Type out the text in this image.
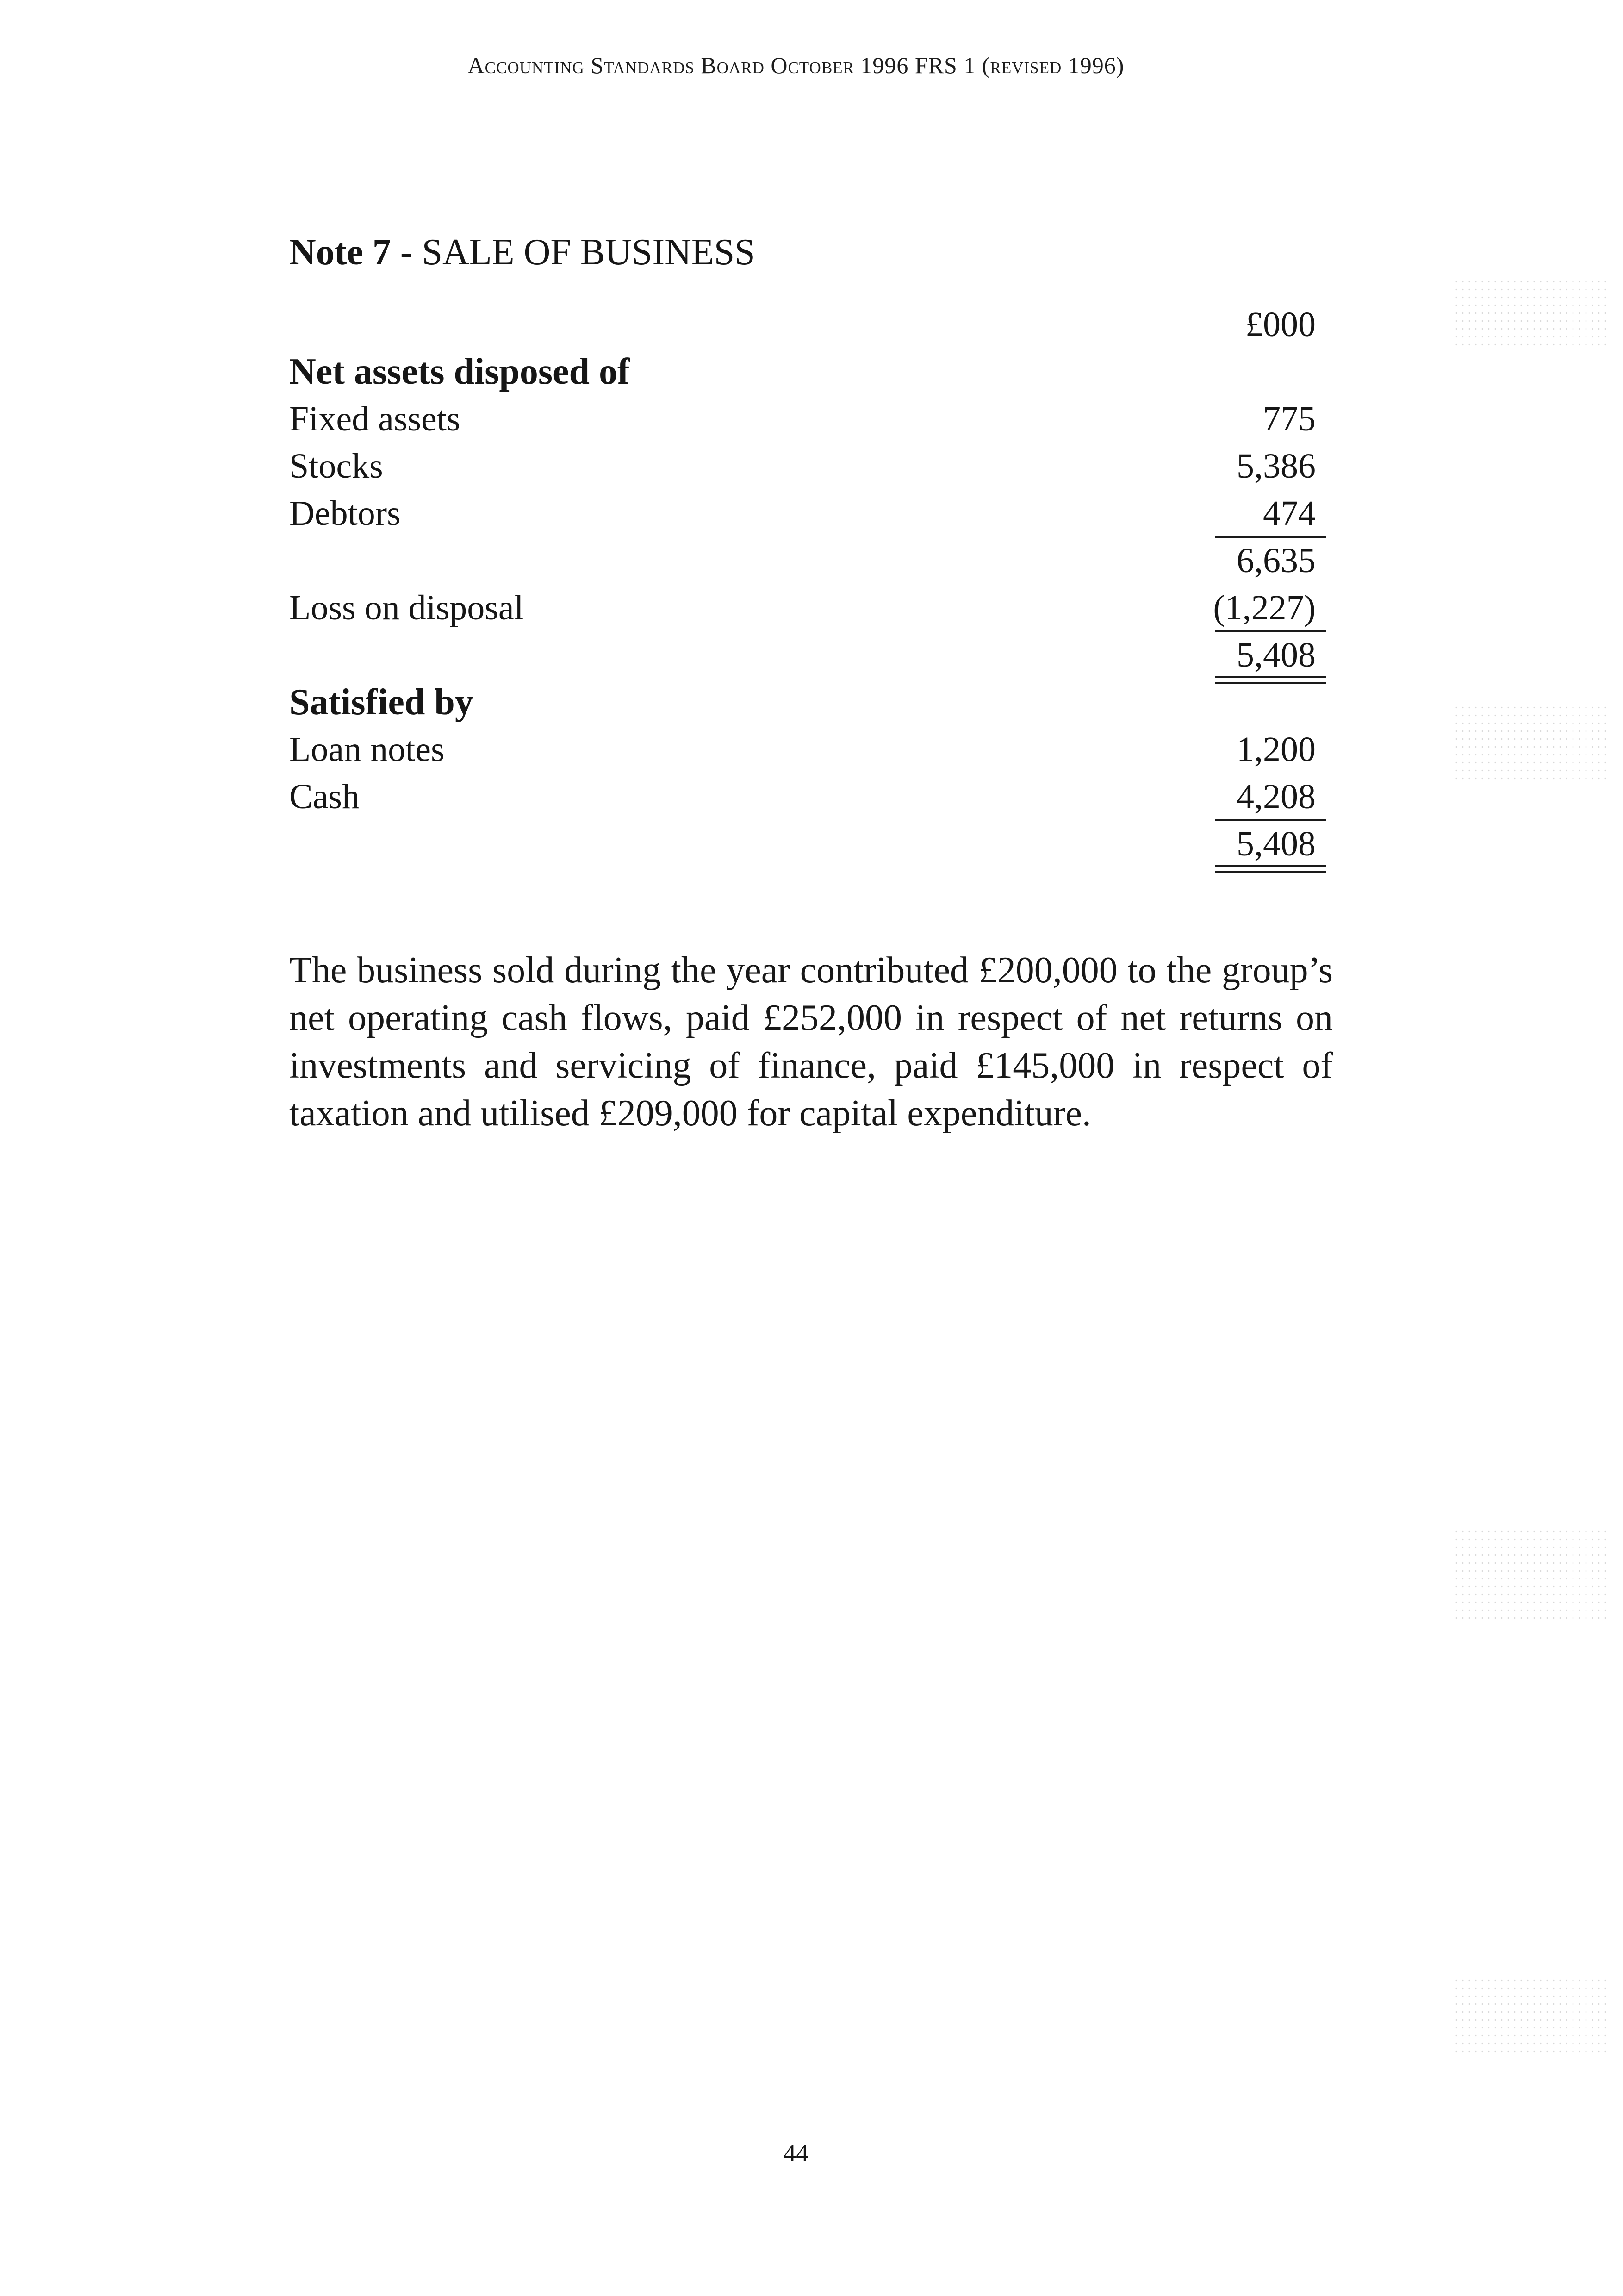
Accounting Standards Board October 1996 FRS 1 (revised 1996)
Note 7 - SALE OF BUSINESS
£000
Net assets disposed of
Fixed assets	775
Stocks	5,386
Debtors	474
6,635
Loss on disposal	(1,227)
5,408
Satisfied by
Loan notes	1,200
Cash	4,208
5,408

The business sold during the year contributed £200,000 to the group’s net operating cash flows, paid £252,000 in respect of net returns on investments and servicing of finance, paid £145,000 in respect of taxation and utilised £209,000 for capital expenditure.

44
